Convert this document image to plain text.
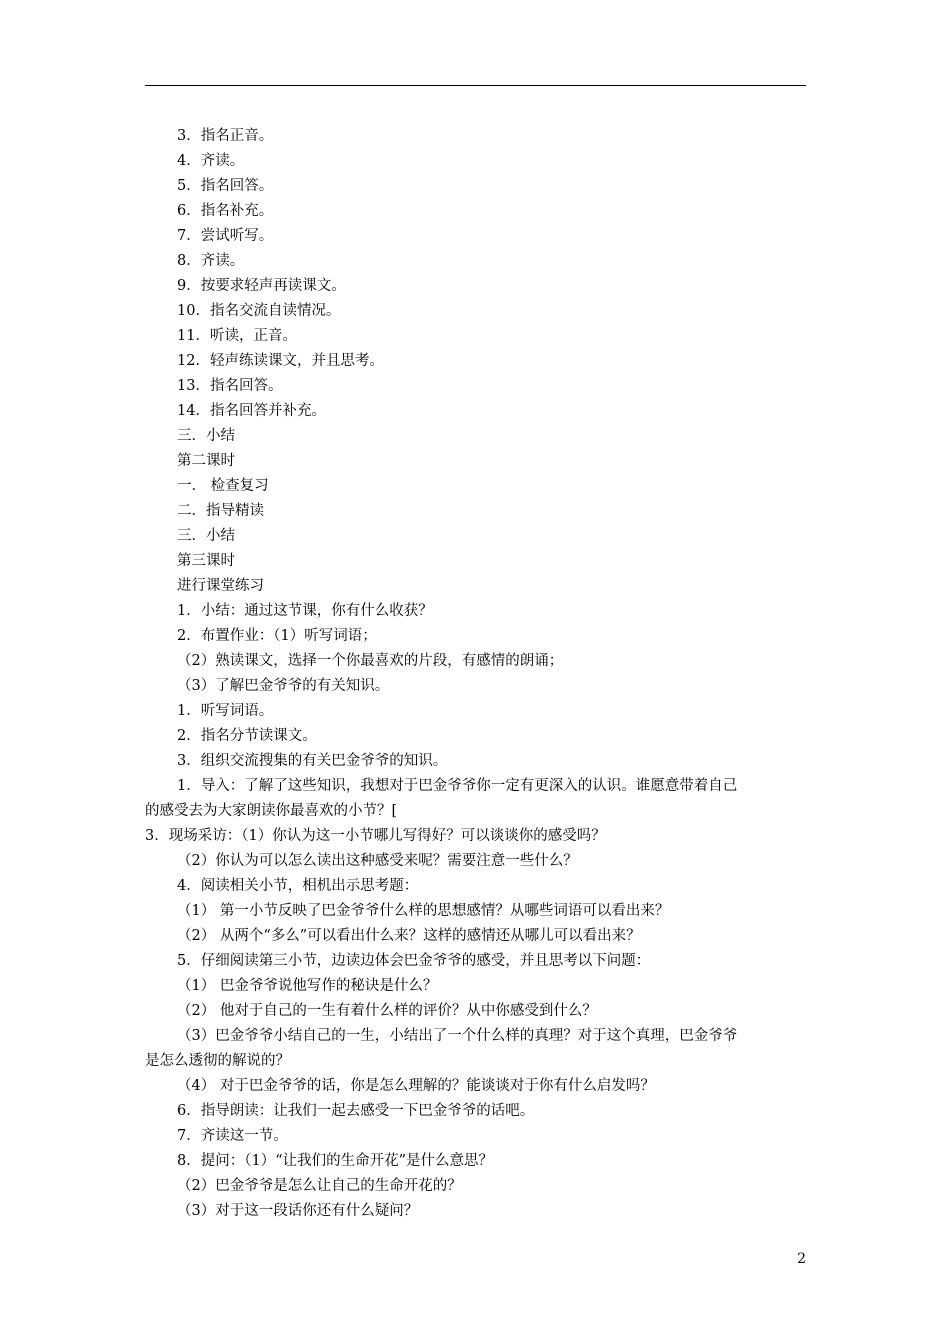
3．指名正音。
4．齐读。
5．指名回答。
6．指名补充。
7．尝试听写。
8．齐读。
9．按要求轻声再读课文。
10．指名交流自读情况。
11．听读，正音。
12．轻声练读课文，并且思考。
13．指名回答。
14．指名回答并补充。
三．小结
第二课时
一． 检查复习
二．指导精读
三．小结
第三课时
进行课堂练习
1．小结：通过这节课，你有什么收获？
2．布置作业：（1）听写词语；
（2）熟读课文，选择一个你最喜欢的片段，有感情的朗诵；
（3）了解巴金爷爷的有关知识。
1．听写词语。
2．指名分节读课文。
3．组织交流搜集的有关巴金爷爷的知识。
1．导入：了解了这些知识，我想对于巴金爷爷你一定有更深入的认识。谁愿意带着自己
的感受去为大家朗读你最喜欢的小节？[
3．现场采访：（1）你认为这一小节哪儿写得好？可以谈谈你的感受吗？
（2）你认为可以怎么读出这种感受来呢？需要注意一些什么？
4．阅读相关小节，相机出示思考题：
（1） 第一小节反映了巴金爷爷什么样的思想感情？从哪些词语可以看出来？
（2） 从两个“多么”可以看出什么来？这样的感情还从哪儿可以看出来？
5．仔细阅读第三小节，边读边体会巴金爷爷的感受，并且思考以下问题：
（1） 巴金爷爷说他写作的秘诀是什么？
（2） 他对于自己的一生有着什么样的评价？从中你感受到什么？
（3）巴金爷爷小结自己的一生，小结出了一个什么样的真理？对于这个真理，巴金爷爷
是怎么透彻的解说的？
（4） 对于巴金爷爷的话，你是怎么理解的？能谈谈对于你有什么启发吗？
6．指导朗读：让我们一起去感受一下巴金爷爷的话吧。
7．齐读这一节。
8．提问：（1）“让我们的生命开花”是什么意思？
（2）巴金爷爷是怎么让自己的生命开花的？
（3）对于这一段话你还有什么疑问？
2
